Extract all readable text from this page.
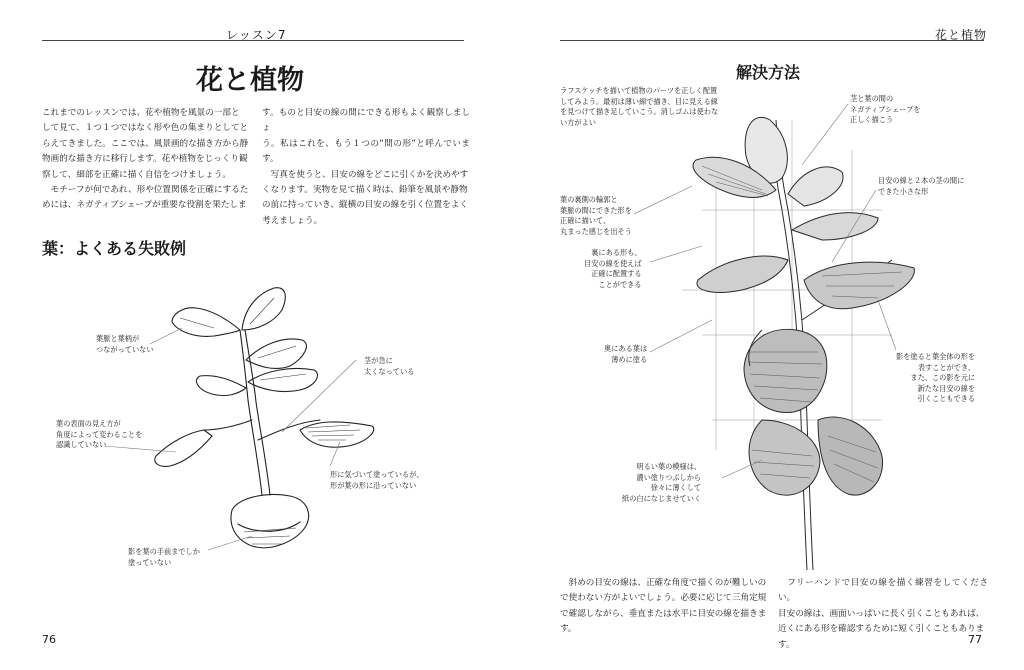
レッスン7
花と植物
これまでのレッスンでは、花や植物を風景の一部と
して見て、１つ１つではなく形や色の集まりとしてと
らえてきました。ここでは、風景画的な描き方から静
物画的な描き方に移行します。花や植物をじっくり観
察して、細部を正確に描く自信をつけましょう。
　モチーフが何であれ、形や位置関係を正確にするた
めには、ネガティブシェープが重要な役割を果たしま
す。ものと目安の線の間にできる形もよく観察しましょ
う。私はこれを、もう１つの“間の形”と呼んでいます。
　写真を使うと、目安の線をどこに引くかを決めやす
くなります。実物を見て描く時は、鉛筆を風景や静物
の前に持っていき、縦横の目安の線を引く位置をよく
考えましょう。
葉：よくある失敗例
葉脈と葉柄が
つながっていない
茎が急に
太くなっている
葉の表面の見え方が
角度によって変わることを
認識していない
形に気づいて塗っているが、
形が葉の形に沿っていない
影を葉の手前までしか
塗っていない
76
花と植物
解決方法
ラフスケッチを描いて植物のパーツを正しく配置
してみよう。最初は薄い線で描き、目に見える線
を見つけて描き足していこう。消しゴムは使わな
い方がよい
茎と葉の間の
ネガティブシェープを
正しく描こう
目安の線と２本の茎の間に
できた小さな形
葉の裏側の輪郭と
葉脈の間にできた形を
正確に描いて、
丸まった感じを出そう
裏にある形も、
目安の線を使えば
正確に配置する
ことができる
奥にある葉は
薄めに塗る	影を塗ると葉全体の形を
表すことができ、
また、この影を元に
新たな目安の線を
引くこともできる
明るい葉の模様は、
濃い塗りつぶしから
徐々に薄くして
紙の白になじませていく
　斜めの目安の線は、正確な角度で描くのが難しいの
で使わない方がよいでしょう。必要に応じて三角定規
で確認しながら、垂直または水平に目安の線を描きま
す。
　フリーハンドで目安の線を描く練習をしてください。
目安の線は、画面いっぱいに長く引くこともあれば、
近くにある形を確認するために短く引くこともありま
す。	77
